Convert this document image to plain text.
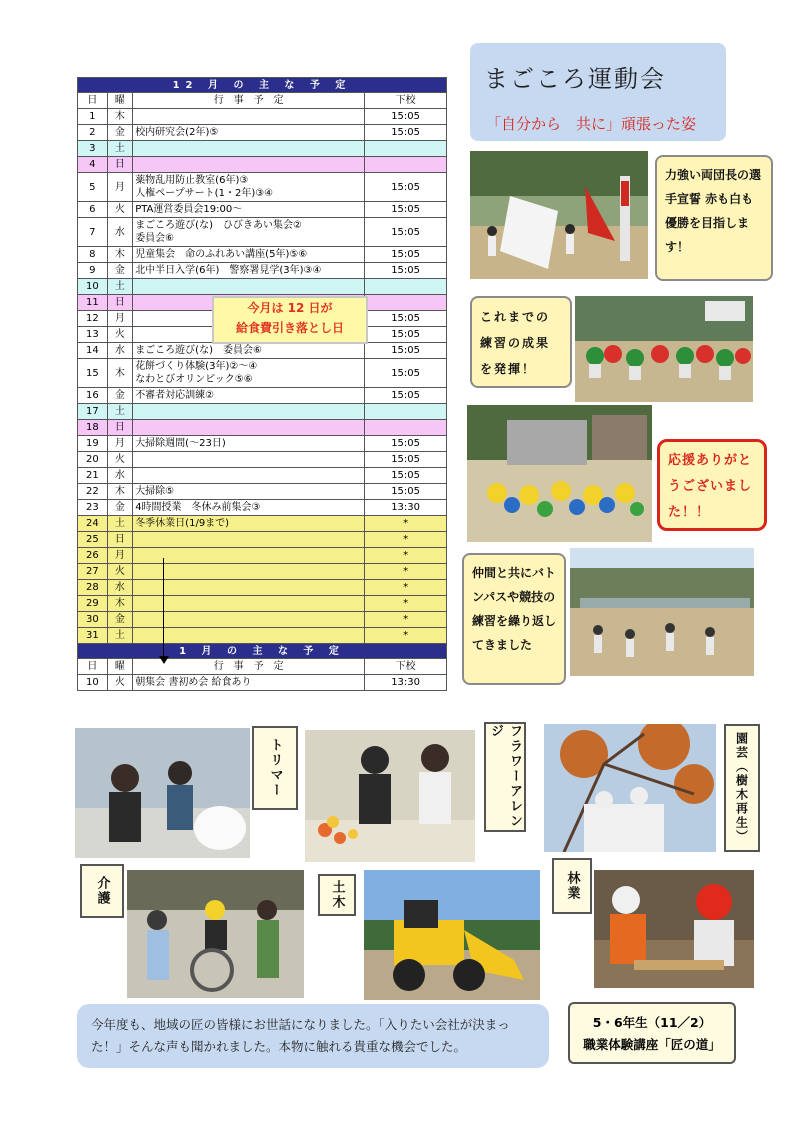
12 月 の 主 な 予 定			
日	曜	行　事　予　定	下校
1	木		15:05
2	金	校内研究会(2年)⑤	15:05
3	土		
4	日		
5	月	薬物乱用防止教室(6年)③
人権ペープサート(1・2年)③④	15:05
6	火	PTA運営委員会19:00～	15:05
7	水	まごころ遊び(な)　ひびきあい集会②
委員会⑥	15:05
8	木	児童集会　命のふれあい講座(5年)⑤⑥	15:05
9	金	北中半日入学(6年)　警察署見学(3年)③④	15:05
10	土		
11	日		
12	月		15:05
13	火		15:05
14	水	まごころ遊び(な)　委員会⑥	15:05
15	木	花餅づくり体験(3年)②～④
なわとびオリンピック⑤⑥	15:05
16	金	不審者対応訓練②	15:05
17	土		
18	日		
19	月	大掃除週間(～23日)	15:05
20	火		15:05
21	水		15:05
22	木	大掃除⑤	15:05
23	金	4時間授業　冬休み前集会③	13:30
24	土	冬季休業日(1/9まで)	*
25	日		*
26	月		*
27	火		*
28	水		*
29	木		*
30	金		*
31	土		*
1 月 の 主 な 予 定			
日	曜	行　事　予　定	下校
10	火	朝集会 書初め会 給食あり	13:30
今月は 12 日が
給食費引き落とし日
まごころ運動会
「自分から　共に」頑張った姿
力強い両団長の選手宣誓 赤も白も優勝を目指します！
これまでの練習の成果を発揮！
応援ありがとうございました！！
仲間と共にバトンパスや競技の練習を繰り返してきました
トリマー	フラワーアレンジ
園芸（樹木再生）
介護	土木	林業
今年度も、地域の匠の皆様にお世話になりました。「入りたい会社が決まった！」そんな声も聞かれました。本物に触れる貴重な機会でした。
5・6年生（11／2）
職業体験講座「匠の道」
